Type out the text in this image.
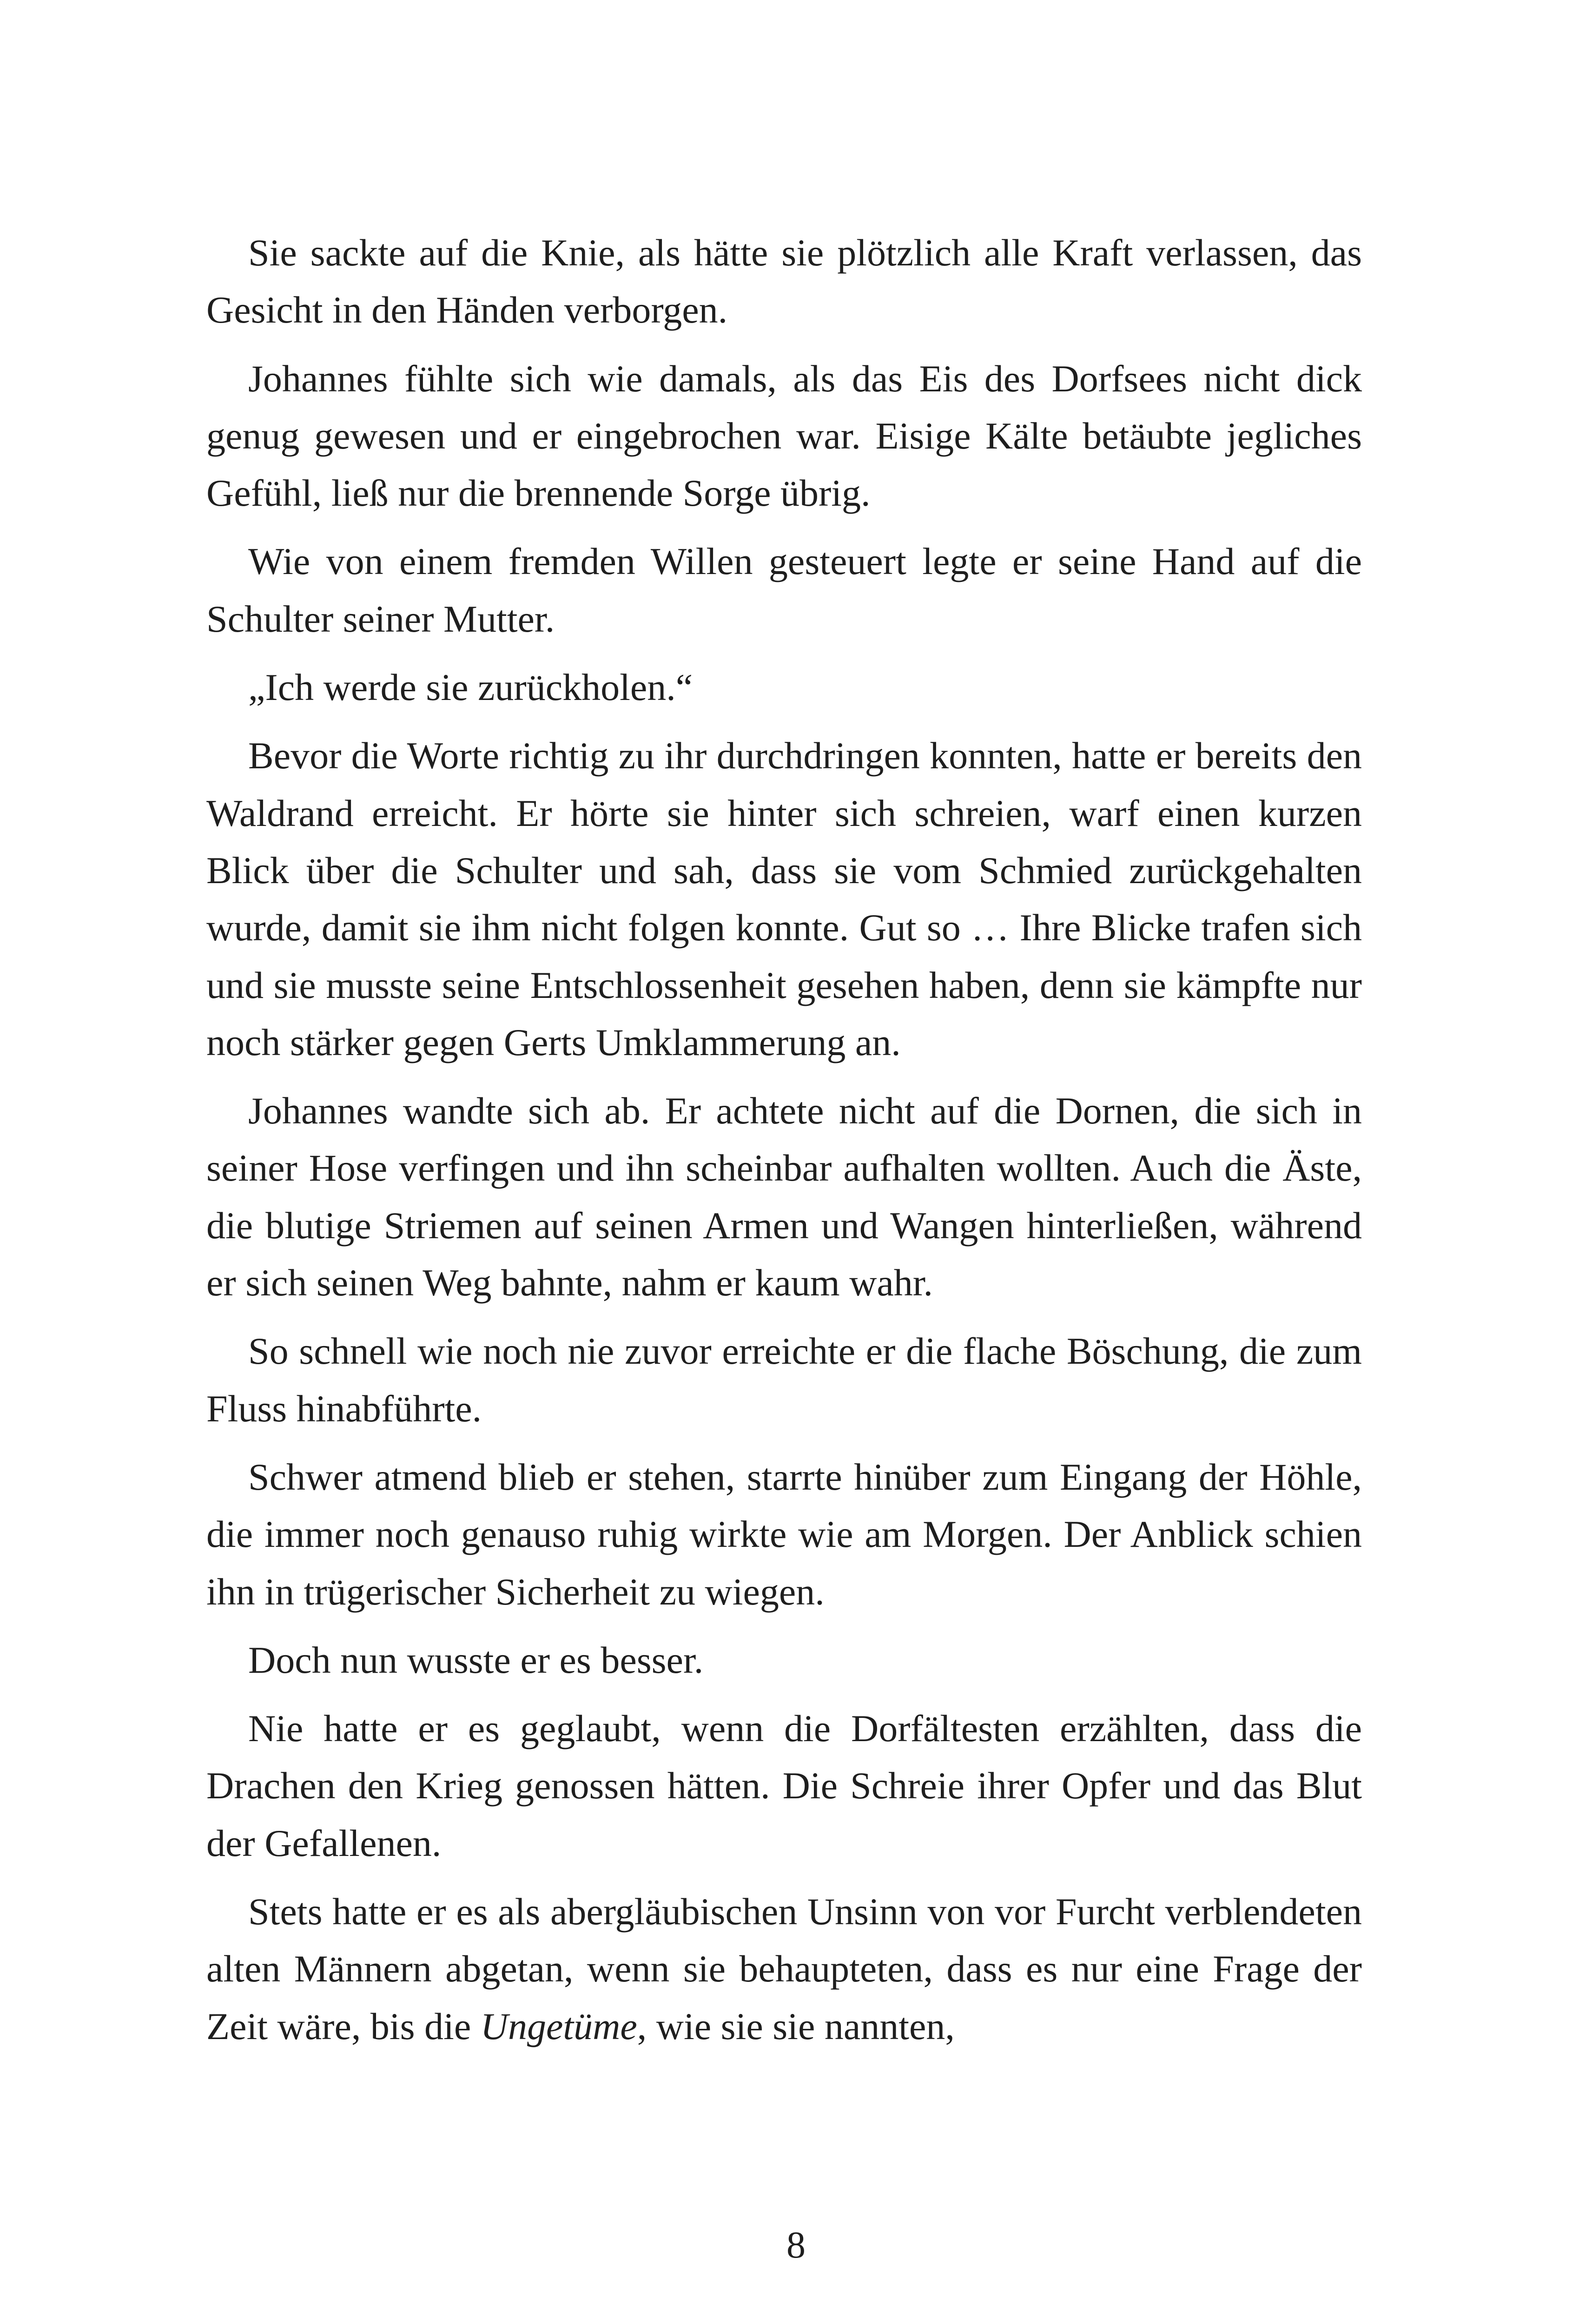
Sie sackte auf die Knie, als hätte sie plötzlich alle Kraft verlassen, das Gesicht in den Händen verborgen.

Johannes fühlte sich wie damals, als das Eis des Dorfsees nicht dick genug gewesen und er eingebrochen war. Eisige Kälte betäubte jegliches Gefühl, ließ nur die brennende Sorge übrig.

Wie von einem fremden Willen gesteuert legte er seine Hand auf die Schulter seiner Mutter.

„Ich werde sie zurückholen.“

Bevor die Worte richtig zu ihr durchdringen konnten, hatte er bereits den Waldrand erreicht. Er hörte sie hinter sich schreien, warf einen kurzen Blick über die Schulter und sah, dass sie vom Schmied zurückgehalten wurde, damit sie ihm nicht folgen konnte. Gut so … Ihre Blicke trafen sich und sie musste seine Entschlossenheit gesehen haben, denn sie kämpfte nur noch stärker gegen Gerts Umklammerung an.

Johannes wandte sich ab. Er achtete nicht auf die Dornen, die sich in seiner Hose verfingen und ihn scheinbar aufhalten wollten. Auch die Äste, die blutige Striemen auf seinen Armen und Wangen hinterließen, während er sich seinen Weg bahnte, nahm er kaum wahr.

So schnell wie noch nie zuvor erreichte er die flache Böschung, die zum Fluss hinabführte.

Schwer atmend blieb er stehen, starrte hinüber zum Eingang der Höhle, die immer noch genauso ruhig wirkte wie am Morgen. Der Anblick schien ihn in trügerischer Sicherheit zu wiegen.

Doch nun wusste er es besser.

Nie hatte er es geglaubt, wenn die Dorfältesten erzählten, dass die Drachen den Krieg genossen hätten. Die Schreie ihrer Opfer und das Blut der Gefallenen.

Stets hatte er es als abergläubischen Unsinn von vor Furcht verblendeten alten Männern abgetan, wenn sie behaupteten, dass es nur eine Frage der Zeit wäre, bis die Ungetüme, wie sie sie nannten,

8
